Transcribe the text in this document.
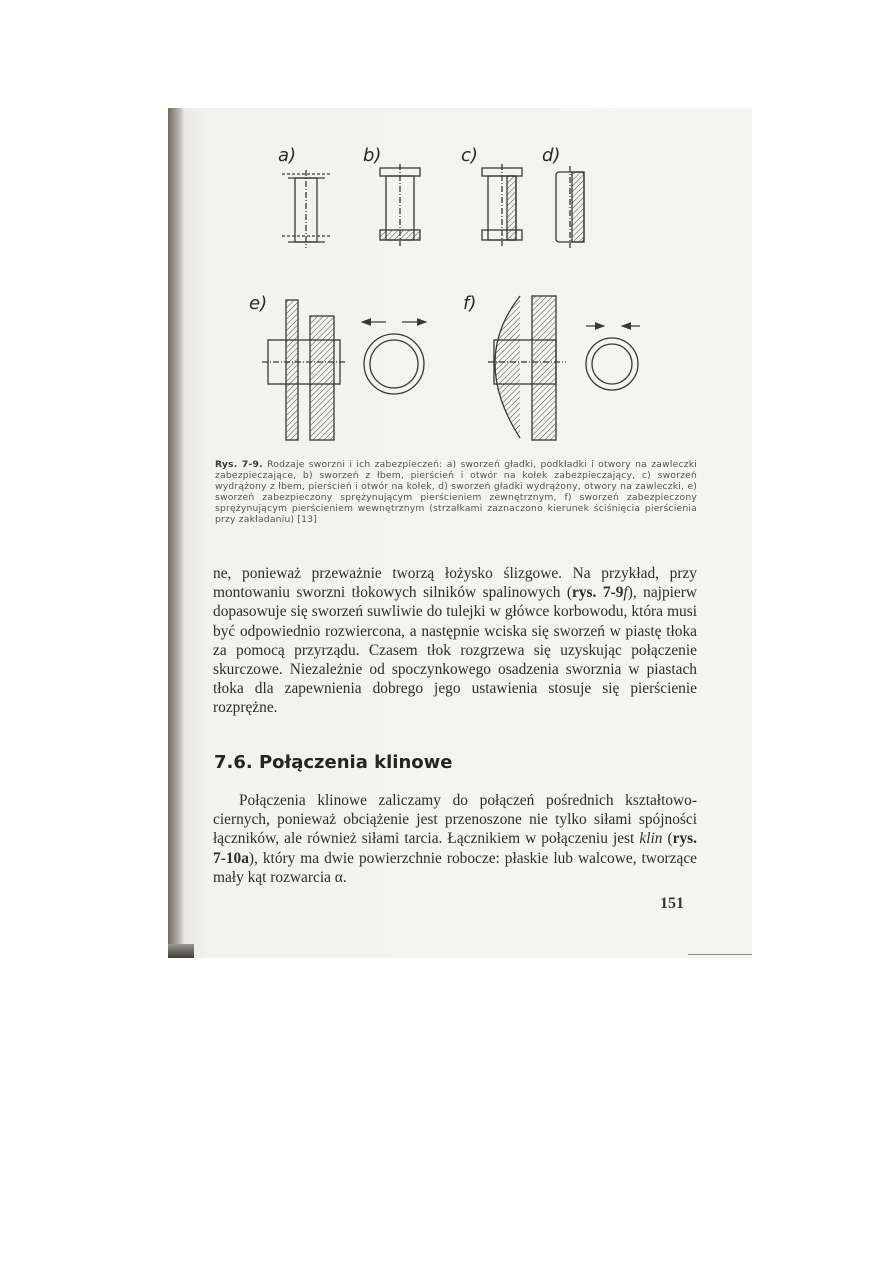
a)	b)	c)	d)
e)	f)
Rys. 7-9. Rodzaje sworzni i ich zabezpieczeń: a) sworzeń gładki, podkładki i otwory na zawleczki zabezpieczające, b) sworzeń z łbem, pierścień i otwór na kołek zabezpieczający, c) sworzeń wydrążony z łbem, pierścień i otwór na kołek, d) sworzeń gładki wydrążony, otwory na zawleczki, e) sworzeń zabezpieczony sprężynującym pierścieniem zewnętrznym, f) sworzeń zabezpieczony sprężynującym pierścieniem wewnętrznym (strzałkami zaznaczono kierunek ściśnięcia pierścienia przy zakładaniu) [13]
ne, ponieważ przeważnie tworzą łożysko ślizgowe. Na przykład, przy montowaniu sworzni tłokowych silników spalinowych (rys. 7-9f), najpierw dopasowuje się sworzeń suwliwie do tulejki w główce korbowodu, która musi być odpowiednio rozwiercona, a następnie wciska się sworzeń w piastę tłoka za pomocą przyrządu. Czasem tłok rozgrzewa się uzyskując połączenie skurczowe. Niezależnie od spoczynkowego osadzenia sworznia w piastach tłoka dla zapewnienia dobrego jego ustawienia stosuje się pierścienie rozprężne.
7.6. Połączenia klinowe
Połączenia klinowe zaliczamy do połączeń pośrednich kształtowo-ciernych, ponieważ obciążenie jest przenoszone nie tylko siłami spójności łączników, ale również siłami tarcia. Łącznikiem w połączeniu jest klin (rys. 7-10a), który ma dwie powierzchnie robocze: płaskie lub walcowe, tworzące mały kąt rozwarcia α.
151
